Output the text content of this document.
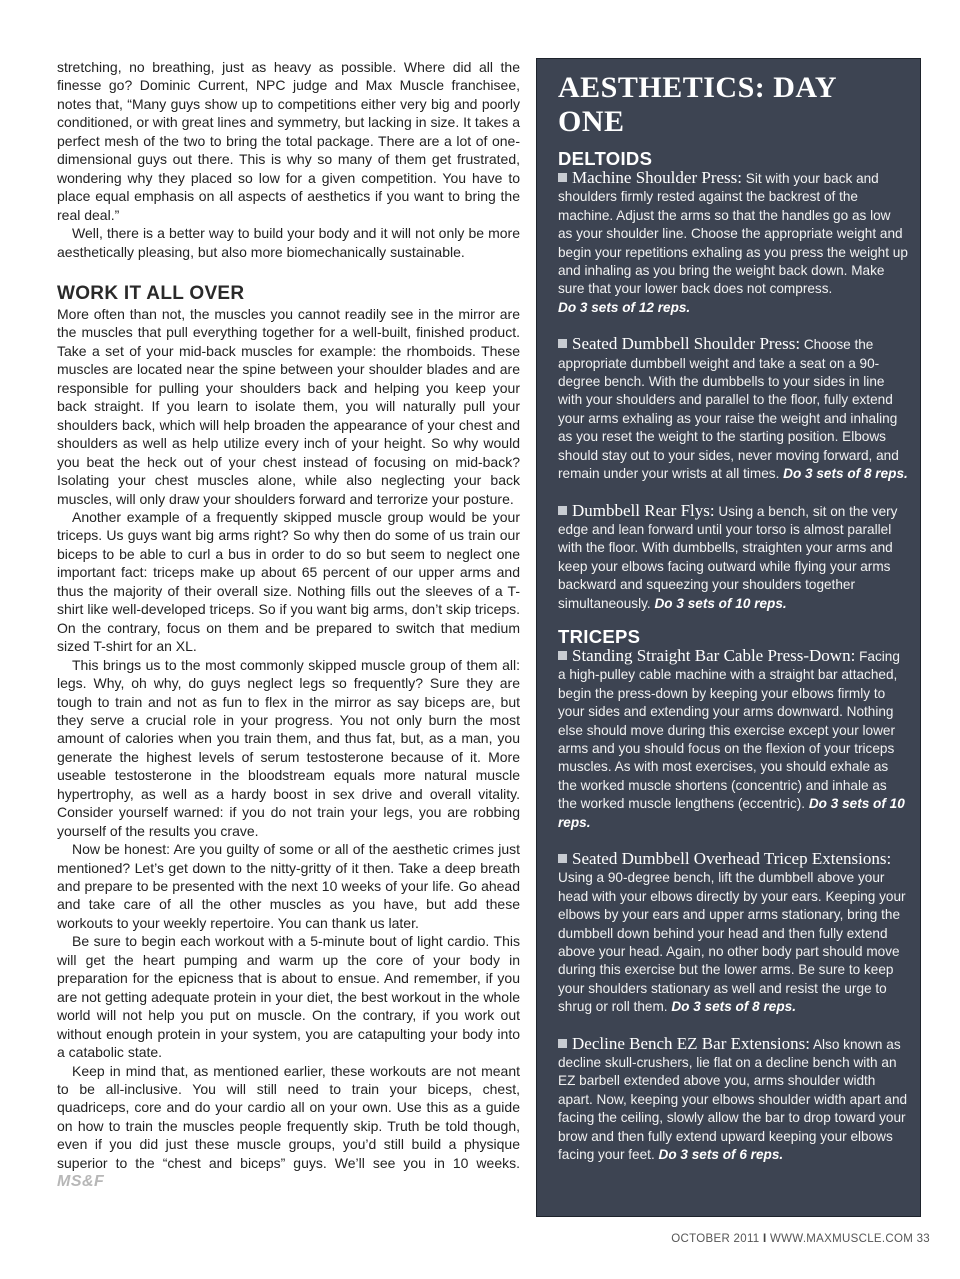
stretching, no breathing, just as heavy as possible. Where did all the finesse go? Dominic Current, NPC judge and Max Muscle franchisee, notes that, “Many guys show up to competitions either very big and poorly conditioned, or with great lines and symmetry, but lacking in size. It takes a perfect mesh of the two to bring the total package. There are a lot of one-dimensional guys out there. This is why so many of them get frustrated, wondering why they placed so low for a given competition. You have to place equal emphasis on all aspects of aesthetics if you want to bring the real deal.”

Well, there is a better way to build your body and it will not only be more aesthetically pleasing, but also more biomechanically sustainable.

WORK IT ALL OVER

More often than not, the muscles you cannot readily see in the mirror are the muscles that pull everything together for a well-built, finished product. Take a set of your mid-back muscles for example: the rhomboids. These muscles are located near the spine between your shoulder blades and are responsible for pulling your shoulders back and helping you keep your back straight. If you learn to isolate them, you will naturally pull your shoulders back, which will help broaden the appearance of your chest and shoulders as well as help utilize every inch of your height. So why would you beat the heck out of your chest instead of focusing on mid-back? Isolating your chest muscles alone, while also neglecting your back muscles, will only draw your shoulders forward and terrorize your posture.

Another example of a frequently skipped muscle group would be your triceps. Us guys want big arms right? So why then do some of us train our biceps to be able to curl a bus in order to do so but seem to neglect one important fact: triceps make up about 65 percent of our upper arms and thus the majority of their overall size. Nothing fills out the sleeves of a T-shirt like well-developed triceps. So if you want big arms, don’t skip triceps. On the contrary, focus on them and be prepared to switch that medium sized T-shirt for an XL.

This brings us to the most commonly skipped muscle group of them all: legs. Why, oh why, do guys neglect legs so frequently? Sure they are tough to train and not as fun to flex in the mirror as say biceps are, but they serve a crucial role in your progress. You not only burn the most amount of calories when you train them, and thus fat, but, as a man, you generate the highest levels of serum testosterone because of it. More useable testosterone in the bloodstream equals more natural muscle hypertrophy, as well as a hardy boost in sex drive and overall vitality. Consider yourself warned: if you do not train your legs, you are robbing yourself of the results you crave.

Now be honest: Are you guilty of some or all of the aesthetic crimes just mentioned? Let’s get down to the nitty-gritty of it then. Take a deep breath and prepare to be presented with the next 10 weeks of your life. Go ahead and take care of all the other muscles as you have, but add these workouts to your weekly repertoire. You can thank us later.

Be sure to begin each workout with a 5-minute bout of light cardio. This will get the heart pumping and warm up the core of your body in preparation for the epicness that is about to ensue. And remember, if you are not getting adequate protein in your diet, the best workout in the whole world will not help you put on muscle. On the contrary, if you work out without enough protein in your system, you are catapulting your body into a catabolic state.

Keep in mind that, as mentioned earlier, these workouts are not meant to be all-inclusive. You will still need to train your biceps, chest, quadriceps, core and do your cardio all on your own. Use this as a guide on how to train the muscles people frequently skip. Truth be told though, even if you did just these muscle groups, you’d still build a physique superior to the “chest and biceps” guys. We’ll see you in 10 weeks. MS&F

AESTHETICS: DAY ONE
DELTOIDS

Machine Shoulder Press: Sit with your back and shoulders firmly rested against the backrest of the machine. Adjust the arms so that the handles go as low as your shoulder line. Choose the appropriate weight and begin your repetitions exhaling as you press the weight up and inhaling as you bring the weight back down. Make sure that your lower back does not compress.
Do 3 sets of 12 reps.

Seated Dumbbell Shoulder Press: Choose the appropriate dumbbell weight and take a seat on a 90-degree bench. With the dumbbells to your sides in line with your shoulders and parallel to the floor, fully extend your arms exhaling as your raise the weight and inhaling as you reset the weight to the starting position. Elbows should stay out to your sides, never moving forward, and remain under your wrists at all times. Do 3 sets of 8 reps.

Dumbbell Rear Flys: Using a bench, sit on the very edge and lean forward until your torso is almost parallel with the floor. With dumbbells, straighten your arms and keep your elbows facing outward while flying your arms backward and squeezing your shoulders together simultaneously. Do 3 sets of 10 reps.

TRICEPS

Standing Straight Bar Cable Press-Down: Facing a high-pulley cable machine with a straight bar attached, begin the press-down by keeping your elbows firmly to your sides and extending your arms downward. Nothing else should move during this exercise except your lower arms and you should focus on the flexion of your triceps muscles. As with most exercises, you should exhale as the worked muscle shortens (concentric) and inhale as the worked muscle lengthens (eccentric). Do 3 sets of 10 reps.

Seated Dumbbell Overhead Tricep Extensions: Using a 90-degree bench, lift the dumbbell above your head with your elbows directly by your ears. Keeping your elbows by your ears and upper arms stationary, bring the dumbbell down behind your head and then fully extend above your head. Again, no other body part should move during this exercise but the lower arms. Be sure to keep your shoulders stationary as well and resist the urge to shrug or roll them. Do 3 sets of 8 reps.

Decline Bench EZ Bar Extensions: Also known as decline skull-crushers, lie flat on a decline bench with an EZ barbell extended above you, arms shoulder width apart. Now, keeping your elbows shoulder width apart and facing the ceiling, slowly allow the bar to drop toward your brow and then fully extend upward keeping your elbows facing your feet. Do 3 sets of 6 reps.

OCTOBER 2011 I WWW.MAXMUSCLE.COM 33
